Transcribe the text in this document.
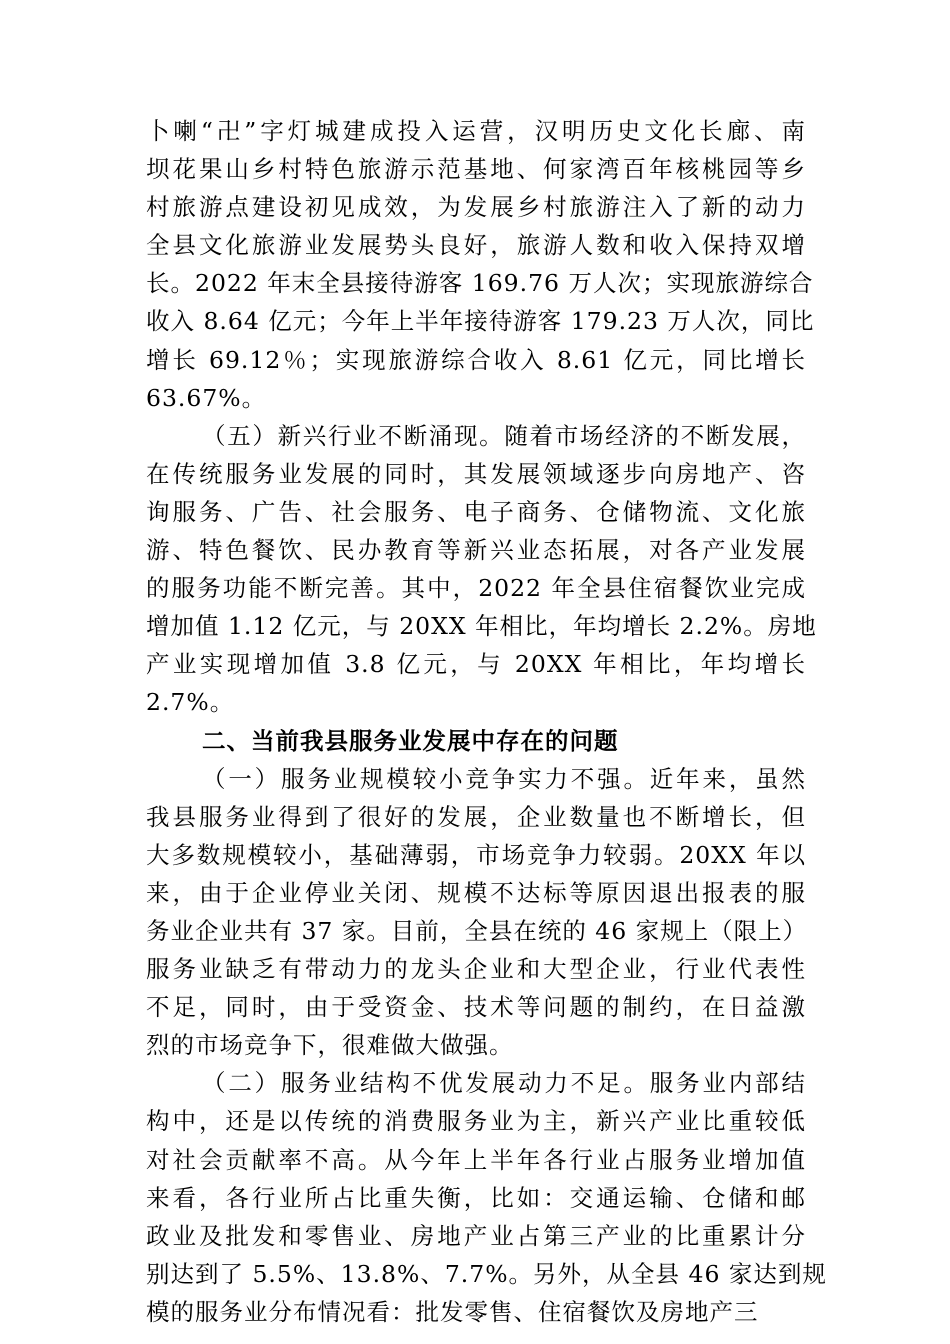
卜喇“卍”字灯城建成投入运营，汉明历史文化长廊、南
坝花果山乡村特色旅游示范基地、何家湾百年核桃园等乡
村旅游点建设初见成效，为发展乡村旅游注入了新的动力
全县文化旅游业发展势头良好，旅游人数和收入保持双增
长。2022 年末全县接待游客 169.76 万人次；实现旅游综合
收入 8.64 亿元；今年上半年接待游客 179.23 万人次，同比
增长 69.12％；实现旅游综合收入 8.61 亿元，同比增长
63.67%。
（五）新兴行业不断涌现。随着市场经济的不断发展，
在传统服务业发展的同时，其发展领域逐步向房地产、咨
询服务、广告、社会服务、电子商务、仓储物流、文化旅
游、特色餐饮、民办教育等新兴业态拓展，对各产业发展
的服务功能不断完善。其中，2022 年全县住宿餐饮业完成
增加值 1.12 亿元，与 20XX 年相比，年均增长 2.2%。房地
产业实现增加值 3.8 亿元，与 20XX 年相比，年均增长
2.7%。
二、当前我县服务业发展中存在的问题
（一）服务业规模较小竞争实力不强。近年来，虽然
我县服务业得到了很好的发展，企业数量也不断增长，但
大多数规模较小，基础薄弱，市场竞争力较弱。20XX 年以
来，由于企业停业关闭、规模不达标等原因退出报表的服
务业企业共有 37 家。目前，全县在统的 46 家规上（限上）
服务业缺乏有带动力的龙头企业和大型企业，行业代表性
不足，同时，由于受资金、技术等问题的制约，在日益激
烈的市场竞争下，很难做大做强。
（二）服务业结构不优发展动力不足。服务业内部结
构中，还是以传统的消费服务业为主，新兴产业比重较低
对社会贡献率不高。从今年上半年各行业占服务业增加值
来看，各行业所占比重失衡，比如：交通运输、仓储和邮
政业及批发和零售业、房地产业占第三产业的比重累计分
别达到了 5.5%、13.8%、7.7%。另外，从全县 46 家达到规
模的服务业分布情况看：批发零售、住宿餐饮及房地产三
